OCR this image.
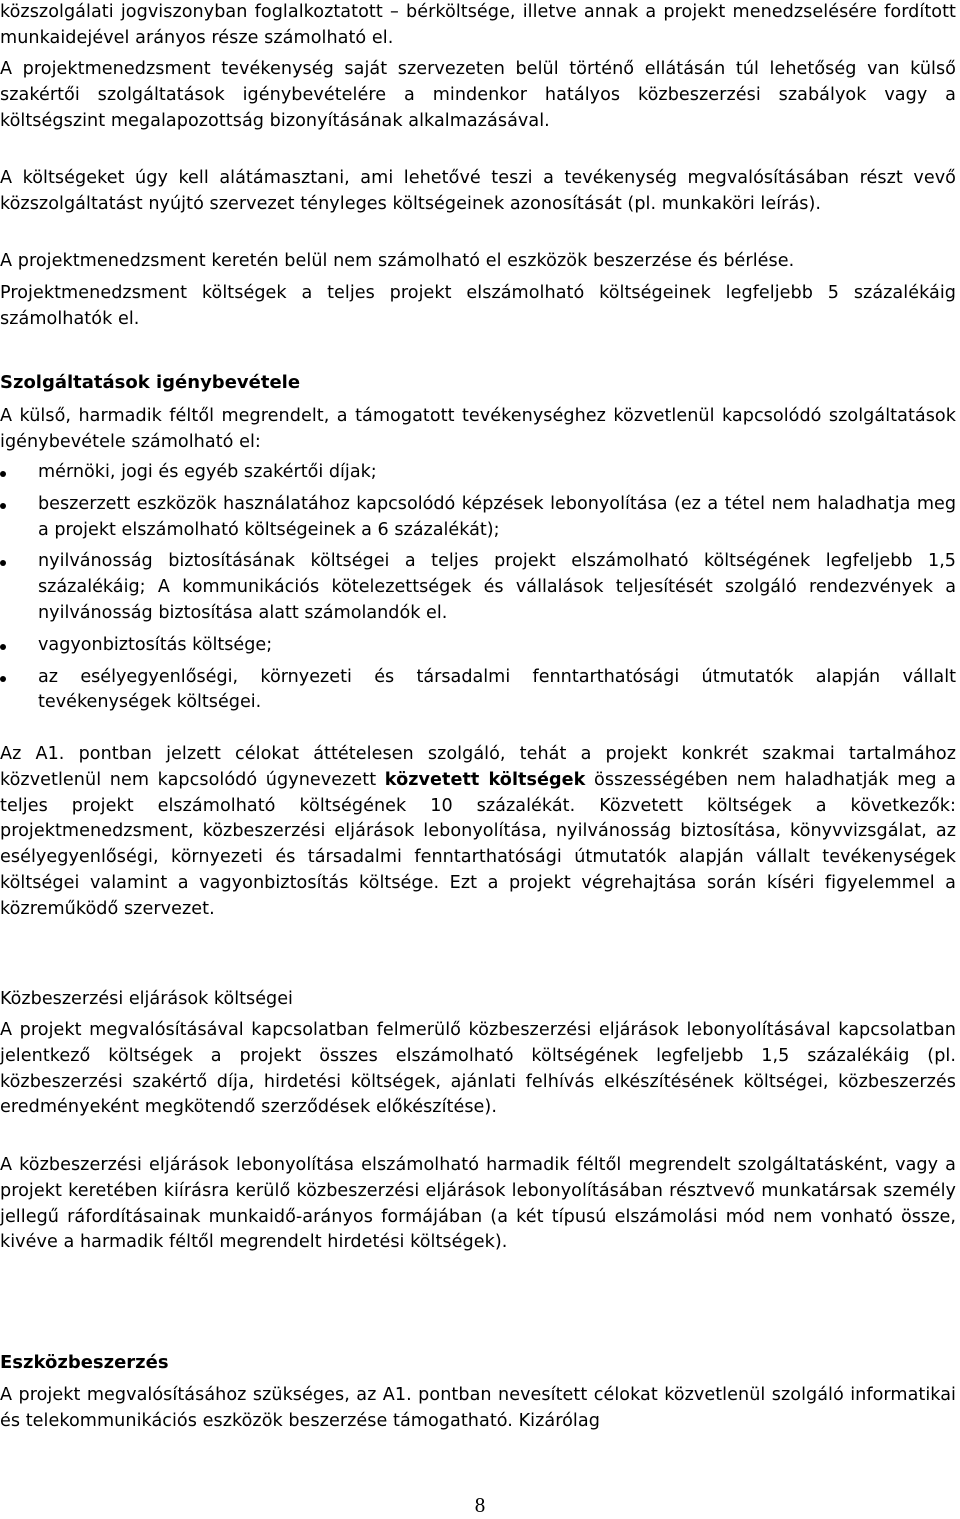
közszolgálati jogviszonyban foglalkoztatott – bérköltsége, illetve annak a projekt menedzselésére fordított munkaidejével arányos része számolható el.

A projektmenedzsment tevékenység saját szervezeten belül történő ellátásán túl lehetőség van külső szakértői szolgáltatások igénybevételére a mindenkor hatályos közbeszerzési szabályok vagy a költségszint megalapozottság bizonyításának alkalmazásával.

A költségeket úgy kell alátámasztani, ami lehetővé teszi a tevékenység megvalósításában részt vevő közszolgáltatást nyújtó szervezet tényleges költségeinek azonosítását (pl. munkaköri leírás).

A projektmenedzsment keretén belül nem számolható el eszközök beszerzése és bérlése.

Projektmenedzsment költségek a teljes projekt elszámolható költségeinek legfeljebb 5 százalékáig számolhatók el.

Szolgáltatások igénybevétele

A külső, harmadik féltől megrendelt, a támogatott tevékenységhez közvetlenül kapcsolódó szolgáltatások igénybevétele számolható el:

mérnöki, jogi és egyéb szakértői díjak;
beszerzett eszközök használatához kapcsolódó képzések lebonyolítása (ez a tétel nem haladhatja meg a projekt elszámolható költségeinek a 6 százalékát);
nyilvánosság biztosításának költségei a teljes projekt elszámolható költségének legfeljebb 1,5 százalékáig; A kommunikációs kötelezettségek és vállalások teljesítését szolgáló rendezvények a nyilvánosság biztosítása alatt számolandók el.
vagyonbiztosítás költsége;
az esélyegyenlőségi, környezeti és társadalmi fenntarthatósági útmutatók alapján vállalt tevékenységek költségei.

Az A1. pontban jelzett célokat áttételesen szolgáló, tehát a projekt konkrét szakmai tartalmához közvetlenül nem kapcsolódó úgynevezett közvetett költségek összességében nem haladhatják meg a teljes projekt elszámolható költségének 10 százalékát. Közvetett költségek a következők: projektmenedzsment, közbeszerzési eljárások lebonyolítása, nyilvánosság biztosítása, könyvvizsgálat, az esélyegyenlőségi, környezeti és társadalmi fenntarthatósági útmutatók alapján vállalt tevékenységek költségei valamint a vagyonbiztosítás költsége. Ezt a projekt végrehajtása során kíséri figyelemmel a közreműködő szervezet.

Közbeszerzési eljárások költségei

A projekt megvalósításával kapcsolatban felmerülő közbeszerzési eljárások lebonyolításával kapcsolatban jelentkező költségek a projekt összes elszámolható költségének legfeljebb 1,5 százalékáig (pl. közbeszerzési szakértő díja, hirdetési költségek, ajánlati felhívás elkészítésének költségei, közbeszerzés eredményeként megkötendő szerződések előkészítése).

A közbeszerzési eljárások lebonyolítása elszámolható harmadik féltől megrendelt szolgáltatásként, vagy a projekt keretében kiírásra kerülő közbeszerzési eljárások lebonyolításában résztvevő munkatársak személy jellegű ráfordításainak munkaidő-arányos formájában (a két típusú elszámolási mód nem vonható össze, kivéve a harmadik féltől megrendelt hirdetési költségek).

Eszközbeszerzés

A projekt megvalósításához szükséges, az A1. pontban nevesített célokat közvetlenül szolgáló informatikai és telekommunikációs eszközök beszerzése támogatható. Kizárólag

8
